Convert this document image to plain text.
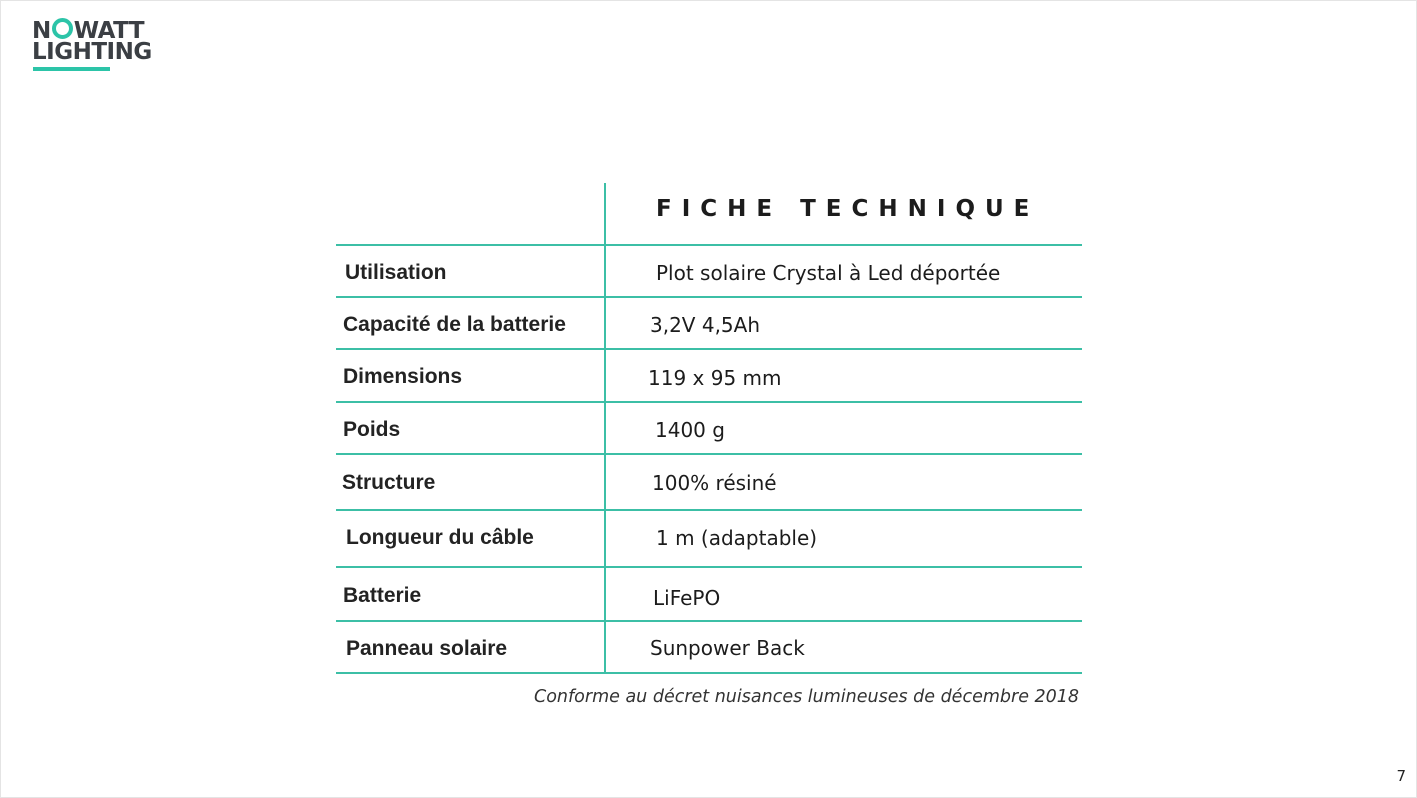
N WATT
LIGHTING
FICHE TECHNIQUE
Utilisation	Plot solaire Crystal à Led déportée
Capacité de la batterie	3,2V 4,5Ah
Dimensions	119 x 95 mm
Poids	1400 g
Structure	100% résiné
Longueur du câble	1 m (adaptable)
Batterie	LiFePO
Panneau solaire	Sunpower Back
Conforme au décret nuisances lumineuses de décembre 2018
7
